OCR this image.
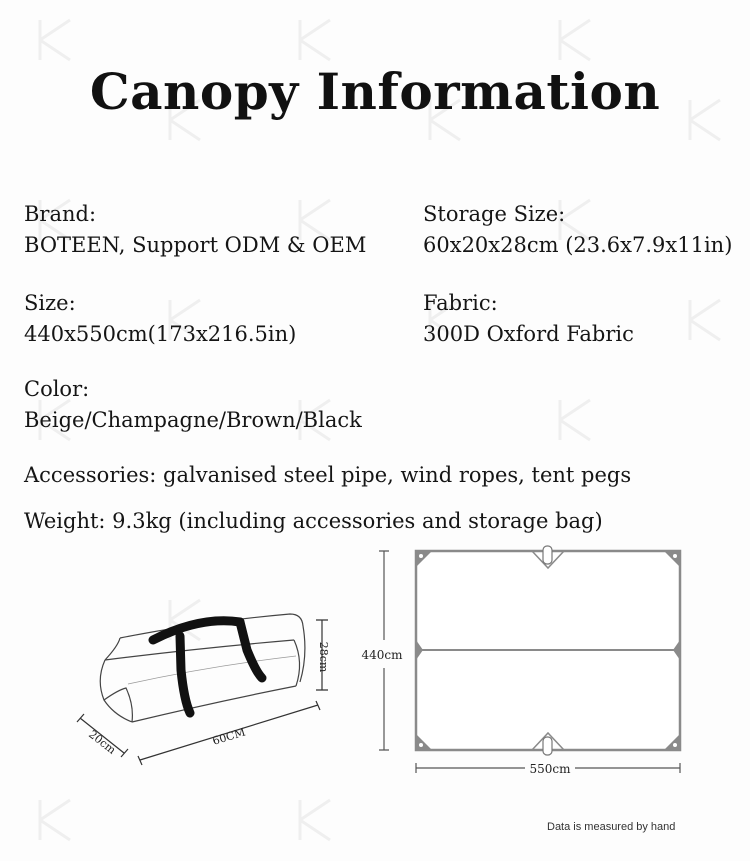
Canopy Information
Brand:
BOTEEN, Support ODM & OEM
Storage Size:
60x20x28cm (23.6x7.9x11in)
Size:
440x550cm(173x216.5in)
Fabric:
300D Oxford Fabric
Color:
Beige/Champagne/Brown/Black
Accessories: galvanised steel pipe, wind ropes, tent pegs
Weight: 9.3kg (including accessories and storage bag)
28cm
60CM
20cm
440cm
550cm
Data is measured by hand
